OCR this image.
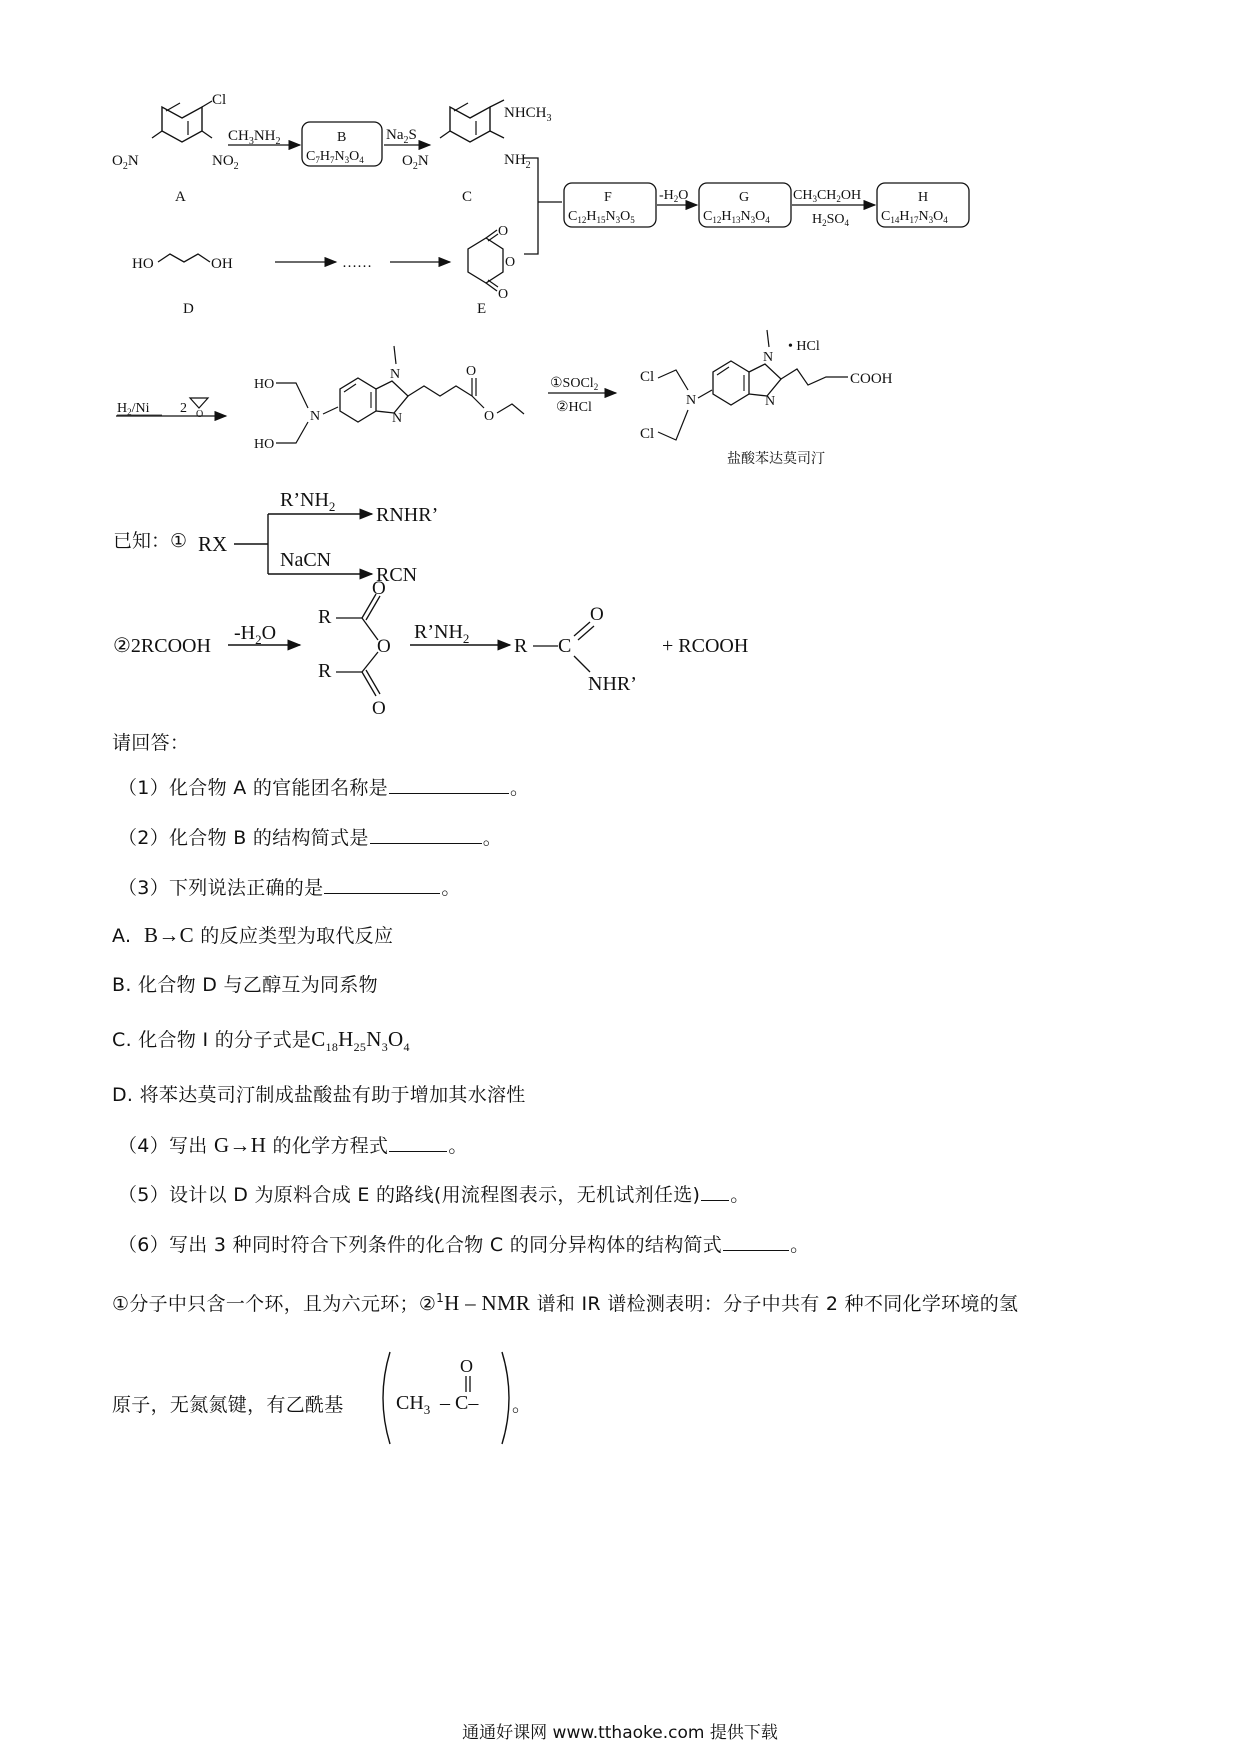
Cl
$O_2N$	$NO_2$
A
$CH_3NH_2$	B
$C_7H_7N_3O_4$
$Na_2S$
$NHCH_3$
$NH_2$
$O_2N$
C
HO	OH
D
……
O
O
O
E
F
$C_{12}H_{15}N_3O_5$
$-H_2O$	G
$C_{12}H_{13}N_3O_4$
$CH_3CH_2OH$
$H_2SO_4$
H
$C_{14}H_{17}N_3O_4$
$H_2/Ni$ 2 O
HO
HO
N
N
N
O
O
①SOCl$_2$
②HCl
Cl
Cl
N
N
• HCl
N
COOH
盐酸苯达莫司汀
已知：① RX
$R’NH_2$ RNHR’
NaCN
RCN
②2RCOOH
$-H_2O$
R
R
O
O
O
$R’NH_2$ R C
O
NHR’
+ RCOOH
请回答：
（1）化合物 A 的官能团名称是	。
（2）化合物 B 的结构简式是	。
（3）下列说法正确的是	。
A. B→C 的反应类型为取代反应
B. 化合物 D 与乙醇互为同系物
C. 化合物 I 的分子式是$C_{18}H_{25}N_3O_4$
D. 将苯达莫司汀制成盐酸盐有助于增加其水溶性
（4）写出 G→H 的化学方程式	。
（5）设计以 D 为原料合成 E 的路线(用流程图表示，无机试剂任选) 。
（6）写出 3 种同时符合下列条件的化合物 C 的同分异构体的结构简式	。
①分子中只含一个环，且为六元环；②$^1$H – NMR 谱和 IR 谱检测表明：分子中共有 2 种不同化学环境的氢
原子，无氮氮键，有乙酰基	$CH_3 - C-$
O
。
通通好课网 www.tthaoke.com 提供下载
